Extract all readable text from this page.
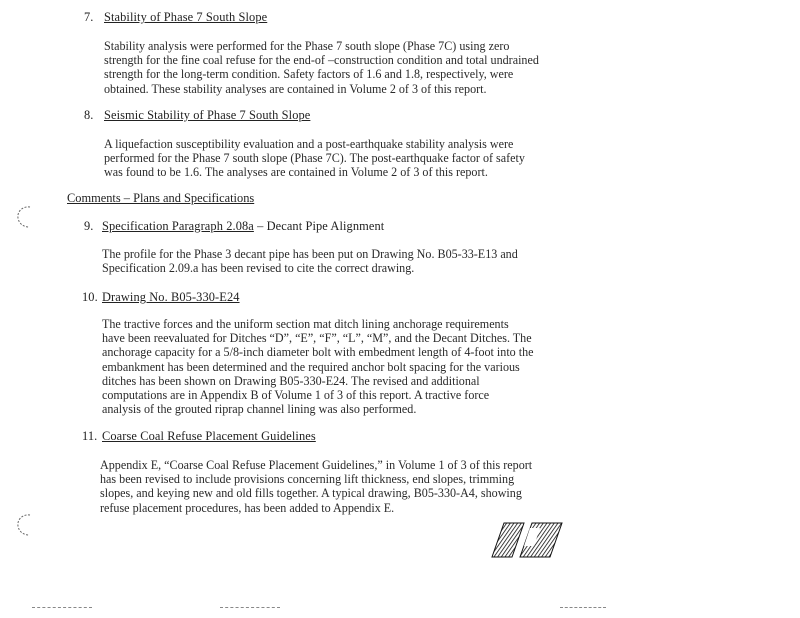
7. Stability of Phase 7 South Slope
Stability analysis were performed for the Phase 7 south slope (Phase 7C) using zero
strength for the fine coal refuse for the end-of –construction condition and total undrained
strength for the long-term condition. Safety factors of 1.6 and 1.8, respectively, were
obtained. These stability analyses are contained in Volume 2 of 3 of this report.
8. Seismic Stability of Phase 7 South Slope
A liquefaction susceptibility evaluation and a post-earthquake stability analysis were
performed for the Phase 7 south slope (Phase 7C). The post-earthquake factor of safety
was found to be 1.6. The analyses are contained in Volume 2 of 3 of this report.
Comments – Plans and Specifications
9. Specification Paragraph 2.08a – Decant Pipe Alignment
The profile for the Phase 3 decant pipe has been put on Drawing No. B05-33-E13 and
Specification 2.09.a has been revised to cite the correct drawing.
10. Drawing No. B05-330-E24
The tractive forces and the uniform section mat ditch lining anchorage requirements
have been reevaluated for Ditches “D”, “E”, “F”, “L”, “M”, and the Decant Ditches. The
anchorage capacity for a 5/8-inch diameter bolt with embedment length of 4-foot into the
embankment has been determined and the required anchor bolt spacing for the various
ditches has been shown on Drawing B05-330-E24. The revised and additional
computations are in Appendix B of Volume 1 of 3 of this report. A tractive force
analysis of the grouted riprap channel lining was also performed.
11. Coarse Coal Refuse Placement Guidelines
Appendix E, “Coarse Coal Refuse Placement Guidelines,” in Volume 1 of 3 of this report
has been revised to include provisions concerning lift thickness, end slopes, trimming
slopes, and keying new and old fills together. A typical drawing, B05-330-A4, showing
refuse placement procedures, has been added to Appendix E.
